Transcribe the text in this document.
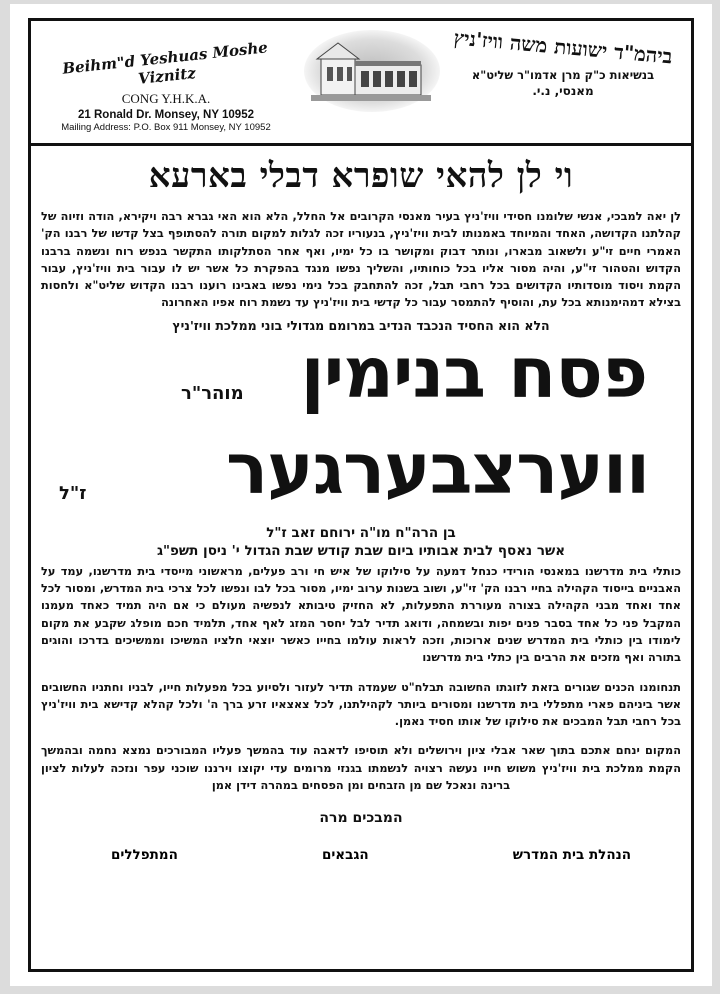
Beihm"d Yeshuas Moshe Viznitz
CONG Y.H.K.A.
21 Ronald Dr. Monsey, NY 10952
Mailing Address: P.O. Box 911 Monsey, NY 10952
ביהמ"ד ישועות משה וויז'ניץ
בנשיאות כ"ק מרן אדמו"ר שליט"א
מאנסי, נ.י.
וי לן להאי שופרא דבלי בארעא
לן יאה למבכי, אנשי שלומנו חסידי וויז'ניץ בעיר מאנסי הקרובים אל החלל, הלא הוא האי גברא רבה ויקירא, הודה וזיוה של קהלתנו הקדושה, האחד והמיוחד באמנותו לבית וויז'ניץ, בנעוריו זכה לגלות למקום תורה להסתופף בצל קדשו של רבנו הק' האמרי חיים זי"ע ולשאוב מבארו, ונותר דבוק ומקושר בו כל ימיו, ואף אחר הסתלקותו התקשר בנפש רוח ונשמה ברבנו הקדוש והטהור זי"ע, והיה מסור אליו בכל כוחותיו, והשליך נפשו מנגד בהפקרת כל אשר יש לו עבור בית וויז'ניץ, עבור הקמת ויסוד מוסדותיו הקדושים בכל רחבי תבל, זכה להתחבק בכל נימי נפשו באבינו רוענו רבנו הקדוש שליט"א ולחסות בצילא דמהימנותא בכל עת, והוסיף להתמסר עבור כל קדשי בית וויז'ניץ עד נשמת רוח אפיו האחרונה
הלא הוא החסיד הנכבד הנדיב במרומם מגדולי בוני ממלכת וויז'ניץ
פסח בנימין
מוהר"ר
ווערצבערגער
ז"ל
בן הרה"ח מו"ה ירוחם זאב ז"ל
אשר נאסף לבית אבותיו ביום שבת קודש שבת הגדול י' ניסן תשפ"ג
כותלי בית מדרשנו במאנסי הורידי כנחל דמעה על סילוקו של איש חי ורב פעלים, מראשוני מייסדי בית מדרשנו, עמד על האבניים בייסוד הקהילה בחיי רבנו הק' זי"ע, ושוב בשנות ערוב ימיו, מסור בכל לבו ונפשו לכל צרכי בית המדרש, ומסור לכל אחד ואחד מבני הקהילה בצורה מעוררת התפעלות, לא החזיק טיבותא לנפשיה מעולם כי אם היה תמיד כאחד מעמנו המקבל פני כל אחד בסבר פנים יפות ובשמחה, ודואג תדיר לבל יחסר המזג לאף אחד, תלמיד חכם מופלג שקבע את מקום לימודו בין כותלי בית המדרש שנים ארוכות, וזכה לראות עולמו בחייו כאשר יוצאי חלציו המשיכו וממשיכים בדרכו והוגים בתורה ואף מזכים את הרבים בין כתלי בית מדרשנו
תנחומנו הכנים שגורים בזאת לזוגתו החשובה תבלח"ט שעמדה תדיר לעזור ולסיוע בכל מפעלות חייו, לבניו וחתניו החשובים אשר ביניהם פארי מתפללי בית מדרשנו ומסורים ביותר לקהילתנו, לכל צאצאיו זרע ברך ה' ולכל קהלא קדישא בית וויז'ניץ בכל רחבי תבל המבכים את סילוקו של אותו חסיד נאמן.
המקום ינחם אתכם בתוך שאר אבלי ציון וירושלים ולא תוסיפו לדאבה עוד בהמשך פעליו המבורכים נמצא נחמה ובהמשך הקמת ממלכת בית וויז'ניץ משוש חייו נעשה רצויה לנשמתו בגנזי מרומים עדי יקוצו וירננו שוכני עפר ונזכה לעלות לציון ברינה ונאכל שם מן הזבחים ומן הפסחים במהרה דידן אמן
המבכים מרה
הנהלת בית המדרש
הגבאים
המתפללים
